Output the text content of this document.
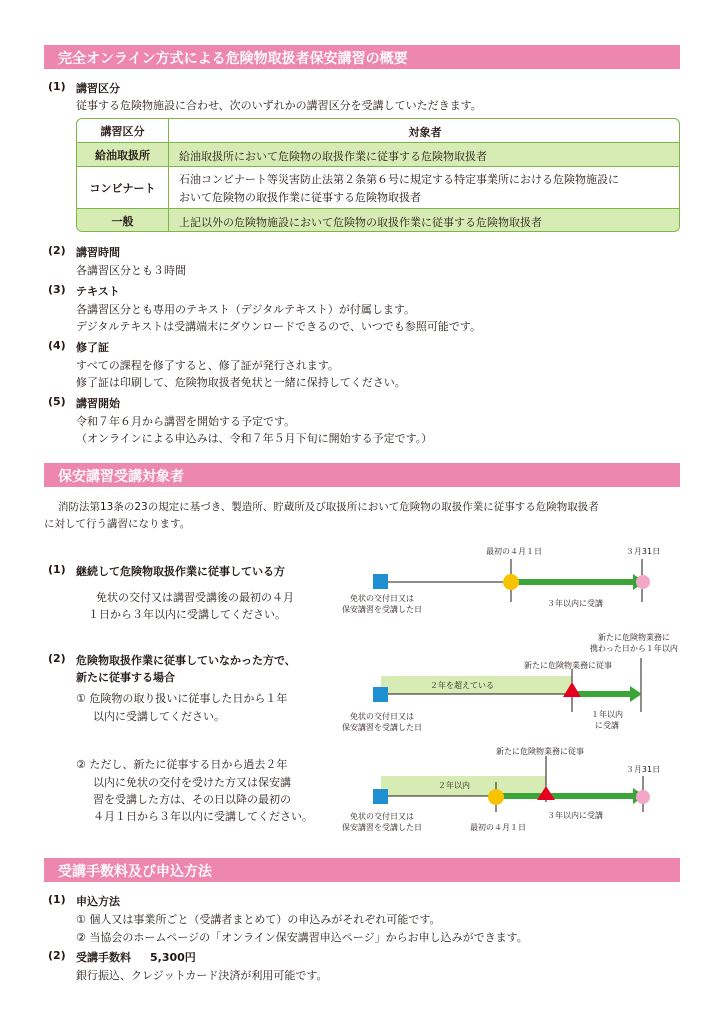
完全オンライン方式による危険物取扱者保安講習の概要
(1) 講習区分
従事する危険物施設に合わせ、次のいずれかの講習区分を受講していただきます。
講習区分	対象者
給油取扱所	給油取扱所において危険物の取扱作業に従事する危険物取扱者
コンビナート
石油コンビナート等災害防止法第２条第６号に規定する特定事業所における危険物施設に
おいて危険物の取扱作業に従事する危険物取扱者
一般	上記以外の危険物施設において危険物の取扱作業に従事する危険物取扱者
(2) 講習時間
各講習区分とも３時間
(3) テキスト
各講習区分とも専用のテキスト（デジタルテキスト）が付属します。
デジタルテキストは受講端末にダウンロードできるので、いつでも参照可能です。
(4) 修了証
すべての課程を修了すると、修了証が発行されます。
修了証は印刷して、危険物取扱者免状と一緒に保持してください。
(5) 講習開始
令和７年６月から講習を開始する予定です。
（オンラインによる申込みは、令和７年５月下旬に開始する予定です。）
保安講習受講対象者
消防法第13条の23の規定に基づき、製造所、貯蔵所及び取扱所において危険物の取扱作業に従事する危険物取扱者
に対して行う講習になります。
(1) 継続して危険物取扱作業に従事している方
免状の交付又は講習受講後の最初の４月
１日から３年以内に受講してください。
(2) 危険物取扱作業に従事していなかった方で、
新たに従事する場合
① 危険物の取り扱いに従事した日から１年
以内に受講してください。
② ただし、新たに従事する日から過去２年
以内に免状の交付を受けた方又は保安講
習を受講した方は、その日以降の最初の
４月１日から３年以内に受講してください。
最初の４月１日	３月31日
免状の交付日又は
保安講習を受講した日
３年以内に受講
新たに危険物業務に
携わった日から１年以内
新たに危険物業務に従事
２年を超えている
免状の交付日又は
保安講習を受講した日
１年以内
に受講
新たに危険物業務に従事
３月31日
２年以内
免状の交付日又は
保安講習を受講した日	最初の４月１日
３年以内に受講
受講手数料及び申込方法
(1) 申込方法
① 個人又は事業所ごと（受講者まとめて）の申込みがそれぞれ可能です。
② 当協会のホームページの「オンライン保安講習申込ページ」からお申し込みができます。
(2) 受講手数料 5,300円
銀行振込、クレジットカード決済が利用可能です。
